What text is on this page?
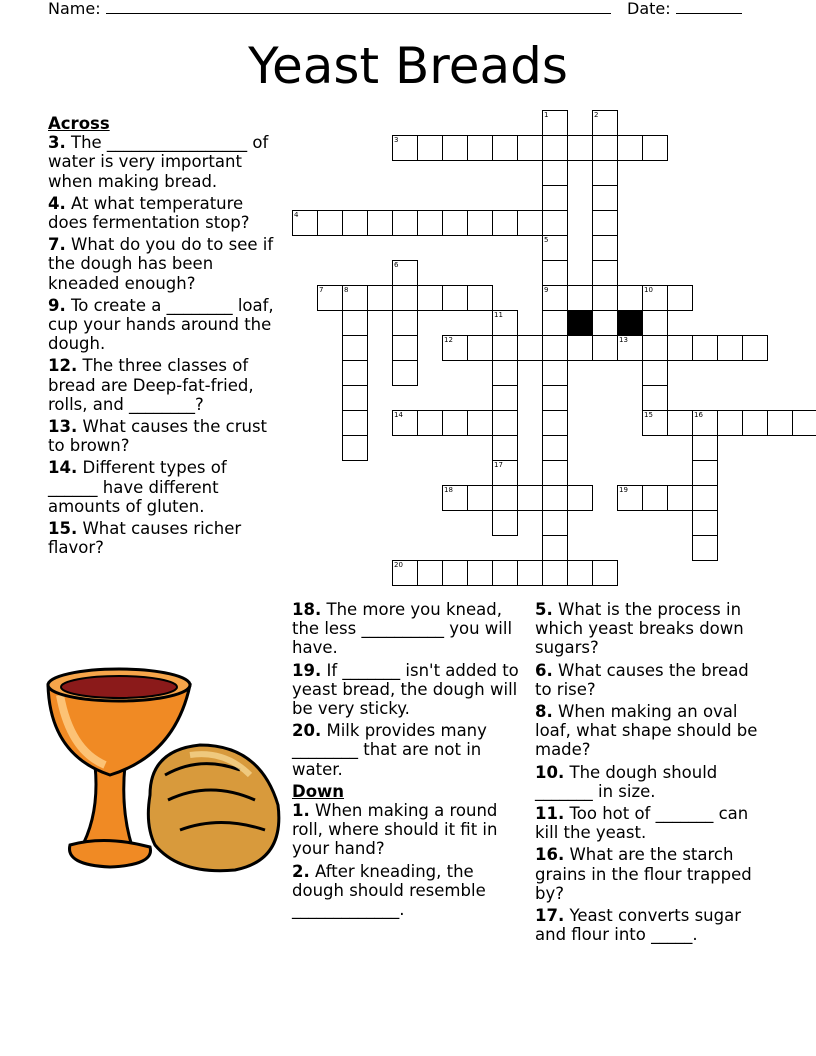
Name:	Date:
Yeast Breads
Across
3. The _________________ of water is very important when making bread.
4. At what temperature does fermentation stop?
7. What do you do to see if the dough has been kneaded enough?
9. To create a ________ loaf, cup your hands around the dough.
12. The three classes of bread are Deep-fat-fried, rolls, and ________?
13. What causes the crust to brown?
14. Different types of ______ have different amounts of gluten.
15. What causes richer flavor?
18. The more you knead, the less __________ you will have.
19. If _______ isn't added to yeast bread, the dough will be very sticky.
20. Milk provides many ________ that are not in water.
Down
1. When making a round roll, where should it fit in your hand?
2. After kneading, the dough should resemble _____________.
5. What is the process in which yeast breaks down sugars?
6. What causes the bread to rise?
8. When making an oval loaf, what shape should be made?
10. The dough should _______ in size.
11. Too hot of _______ can kill the yeast.
16. What are the starch grains in the flour trapped by?
17. Yeast converts sugar and flour into _____.
3
4
7	8	9	10
12	13
14	15	16
18	19
20
1
5
2
6
11
17
